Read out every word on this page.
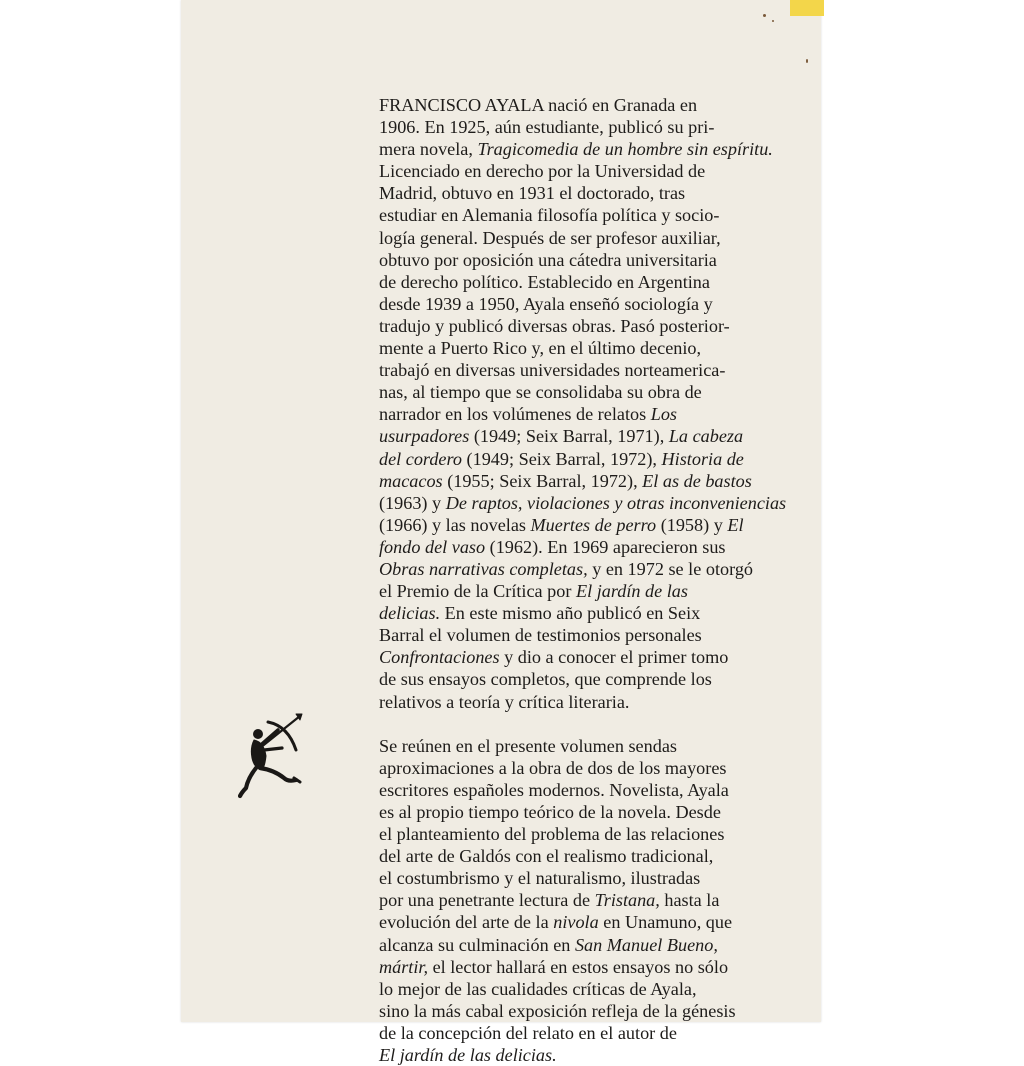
FRANCISCO AYALA nació en Granada en
1906. En 1925, aún estudiante, publicó su pri-
mera novela, Tragicomedia de un hombre sin espíritu.
Licenciado en derecho por la Universidad de
Madrid, obtuvo en 1931 el doctorado, tras
estudiar en Alemania filosofía política y socio-
logía general. Después de ser profesor auxiliar,
obtuvo por oposición una cátedra universitaria
de derecho político. Establecido en Argentina
desde 1939 a 1950, Ayala enseñó sociología y
tradujo y publicó diversas obras. Pasó posterior-
mente a Puerto Rico y, en el último decenio,
trabajó en diversas universidades norteamerica-
nas, al tiempo que se consolidaba su obra de
narrador en los volúmenes de relatos Los
usurpadores (1949; Seix Barral, 1971), La cabeza
del cordero (1949; Seix Barral, 1972), Historia de
macacos (1955; Seix Barral, 1972), El as de bastos
(1963) y De raptos, violaciones y otras inconveniencias
(1966) y las novelas Muertes de perro (1958) y El
fondo del vaso (1962). En 1969 aparecieron sus
Obras narrativas completas, y en 1972 se le otorgó
el Premio de la Crítica por El jardín de las
delicias. En este mismo año publicó en Seix
Barral el volumen de testimonios personales
Confrontaciones y dio a conocer el primer tomo
de sus ensayos completos, que comprende los
relativos a teoría y crítica literaria.
Se reúnen en el presente volumen sendas
aproximaciones a la obra de dos de los mayores
escritores españoles modernos. Novelista, Ayala
es al propio tiempo teórico de la novela. Desde
el planteamiento del problema de las relaciones
del arte de Galdós con el realismo tradicional,
el costumbrismo y el naturalismo, ilustradas
por una penetrante lectura de Tristana, hasta la
evolución del arte de la nivola en Unamuno, que
alcanza su culminación en San Manuel Bueno,
mártir, el lector hallará en estos ensayos no sólo
lo mejor de las cualidades críticas de Ayala,
sino la más cabal exposición refleja de la génesis
de la concepción del relato en el autor de
El jardín de las delicias.
